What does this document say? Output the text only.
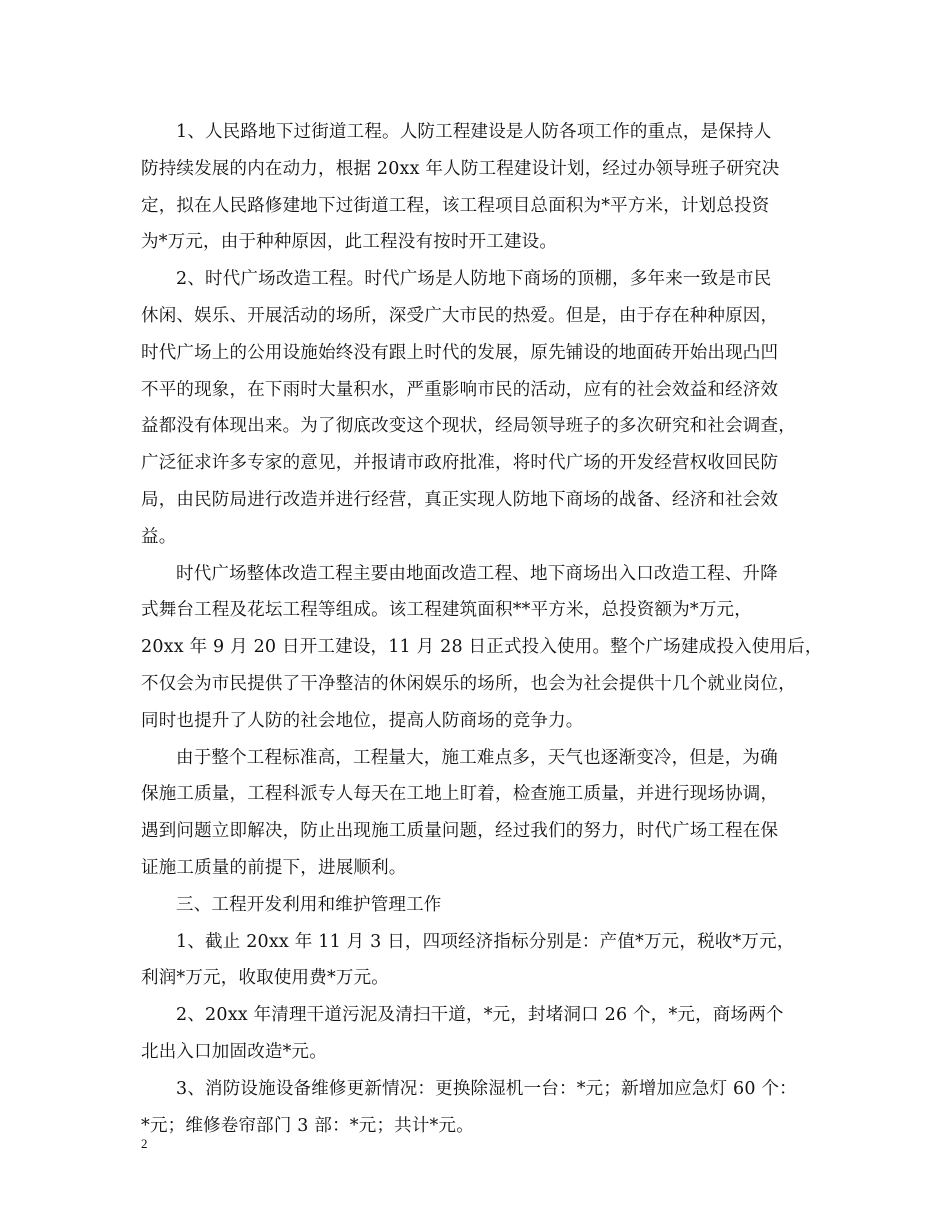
1、人民路地下过街道工程。人防工程建设是人防各项工作的重点，是保持人
防持续发展的内在动力，根据 20xx 年人防工程建设计划，经过办领导班子研究决
定，拟在人民路修建地下过街道工程，该工程项目总面积为*平方米，计划总投资
为*万元，由于种种原因，此工程没有按时开工建设。
2、时代广场改造工程。时代广场是人防地下商场的顶棚，多年来一致是市民
休闲、娱乐、开展活动的场所，深受广大市民的热爱。但是，由于存在种种原因，
时代广场上的公用设施始终没有跟上时代的发展，原先铺设的地面砖开始出现凸凹
不平的现象，在下雨时大量积水，严重影响市民的活动，应有的社会效益和经济效
益都没有体现出来。为了彻底改变这个现状，经局领导班子的多次研究和社会调查，
广泛征求许多专家的意见，并报请市政府批准，将时代广场的开发经营权收回民防
局，由民防局进行改造并进行经营，真正实现人防地下商场的战备、经济和社会效
益。
时代广场整体改造工程主要由地面改造工程、地下商场出入口改造工程、升降
式舞台工程及花坛工程等组成。该工程建筑面积**平方米，总投资额为*万元，
20xx 年 9 月 20 日开工建设，11 月 28 日正式投入使用。整个广场建成投入使用后，
不仅会为市民提供了干净整洁的休闲娱乐的场所，也会为社会提供十几个就业岗位，
同时也提升了人防的社会地位，提高人防商场的竞争力。
由于整个工程标准高，工程量大，施工难点多，天气也逐渐变冷，但是，为确
保施工质量，工程科派专人每天在工地上盯着，检查施工质量，并进行现场协调，
遇到问题立即解决，防止出现施工质量问题，经过我们的努力，时代广场工程在保
证施工质量的前提下，进展顺利。
三、工程开发利用和维护管理工作
1、截止 20xx 年 11 月 3 日，四项经济指标分别是：产值*万元，税收*万元，
利润*万元，收取使用费*万元。
2、20xx 年清理干道污泥及清扫干道，*元，封堵洞口 26 个，*元，商场两个
北出入口加固改造*元。
3、消防设施设备维修更新情况：更换除湿机一台：*元；新增加应急灯 60 个：
*元；维修卷帘部门 3 部：*元；共计*元。
2
